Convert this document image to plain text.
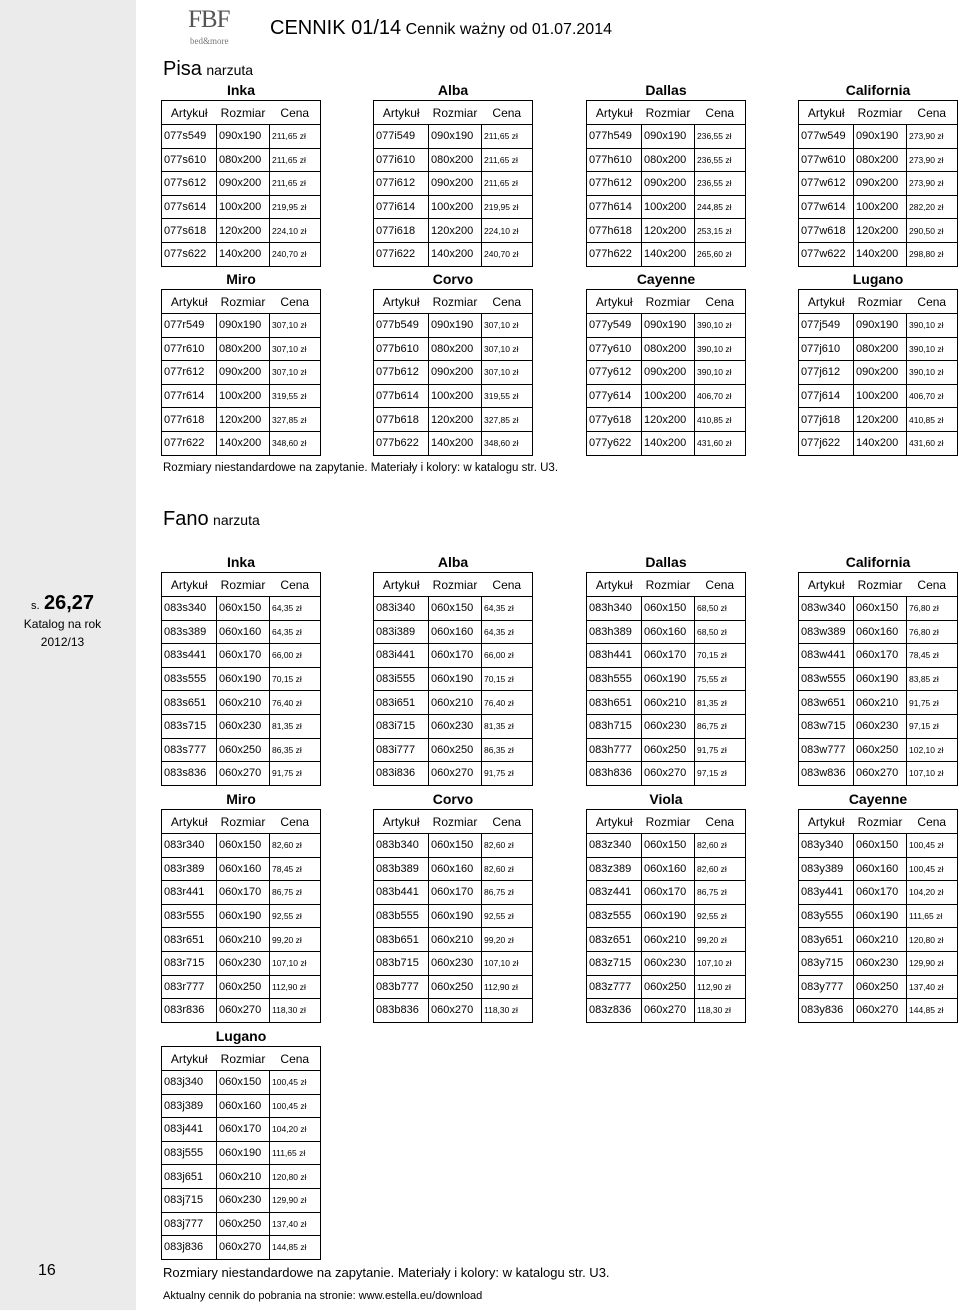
FBF
bed&more
CENNIK 01/14 Cennik ważny od 01.07.2014
Pisa narzuta
Inka
Artykuł	Rozmiar	Cena
077s549	090x190	211,65 zł
077s610	080x200	211,65 zł
077s612	090x200	211,65 zł
077s614	100x200	219,95 zł
077s618	120x200	224,10 zł
077s622	140x200	240,70 zł
Alba
Artykuł	Rozmiar	Cena
077i549	090x190	211,65 zł
077i610	080x200	211,65 zł
077i612	090x200	211,65 zł
077i614	100x200	219,95 zł
077i618	120x200	224,10 zł
077i622	140x200	240,70 zł
Dallas
Artykuł	Rozmiar	Cena
077h549	090x190	236,55 zł
077h610	080x200	236,55 zł
077h612	090x200	236,55 zł
077h614	100x200	244,85 zł
077h618	120x200	253,15 zł
077h622	140x200	265,60 zł
California
Artykuł	Rozmiar	Cena
077w549	090x190	273,90 zł
077w610	080x200	273,90 zł
077w612	090x200	273,90 zł
077w614	100x200	282,20 zł
077w618	120x200	290,50 zł
077w622	140x200	298,80 zł
Miro
Artykuł	Rozmiar	Cena
077r549	090x190	307,10 zł
077r610	080x200	307,10 zł
077r612	090x200	307,10 zł
077r614	100x200	319,55 zł
077r618	120x200	327,85 zł
077r622	140x200	348,60 zł
Corvo
Artykuł	Rozmiar	Cena
077b549	090x190	307,10 zł
077b610	080x200	307,10 zł
077b612	090x200	307,10 zł
077b614	100x200	319,55 zł
077b618	120x200	327,85 zł
077b622	140x200	348,60 zł
Cayenne
Artykuł	Rozmiar	Cena
077y549	090x190	390,10 zł
077y610	080x200	390,10 zł
077y612	090x200	390,10 zł
077y614	100x200	406,70 zł
077y618	120x200	410,85 zł
077y622	140x200	431,60 zł
Lugano
Artykuł	Rozmiar	Cena
077j549	090x190	390,10 zł
077j610	080x200	390,10 zł
077j612	090x200	390,10 zł
077j614	100x200	406,70 zł
077j618	120x200	410,85 zł
077j622	140x200	431,60 zł
Rozmiary niestandardowe na zapytanie. Materiały i kolory: w katalogu str. U3.
Fano narzuta
Inka
Artykuł	Rozmiar	Cena
083s340	060x150	64,35 zł
083s389	060x160	64,35 zł
083s441	060x170	66,00 zł
083s555	060x190	70,15 zł
083s651	060x210	76,40 zł
083s715	060x230	81,35 zł
083s777	060x250	86,35 zł
083s836	060x270	91,75 zł
Alba
Artykuł	Rozmiar	Cena
083i340	060x150	64,35 zł
083i389	060x160	64,35 zł
083i441	060x170	66,00 zł
083i555	060x190	70,15 zł
083i651	060x210	76,40 zł
083i715	060x230	81,35 zł
083i777	060x250	86,35 zł
083i836	060x270	91,75 zł
Dallas
Artykuł	Rozmiar	Cena
083h340	060x150	68,50 zł
083h389	060x160	68,50 zł
083h441	060x170	70,15 zł
083h555	060x190	75,55 zł
083h651	060x210	81,35 zł
083h715	060x230	86,75 zł
083h777	060x250	91,75 zł
083h836	060x270	97,15 zł
California
Artykuł	Rozmiar	Cena
083w340	060x150	76,80 zł
083w389	060x160	76,80 zł
083w441	060x170	78,45 zł
083w555	060x190	83,85 zł
083w651	060x210	91,75 zł
083w715	060x230	97,15 zł
083w777	060x250	102,10 zł
083w836	060x270	107,10 zł
Miro
Artykuł	Rozmiar	Cena
083r340	060x150	82,60 zł
083r389	060x160	78,45 zł
083r441	060x170	86,75 zł
083r555	060x190	92,55 zł
083r651	060x210	99,20 zł
083r715	060x230	107,10 zł
083r777	060x250	112,90 zł
083r836	060x270	118,30 zł
Corvo
Artykuł	Rozmiar	Cena
083b340	060x150	82,60 zł
083b389	060x160	82,60 zł
083b441	060x170	86,75 zł
083b555	060x190	92,55 zł
083b651	060x210	99,20 zł
083b715	060x230	107,10 zł
083b777	060x250	112,90 zł
083b836	060x270	118,30 zł
Viola
Artykuł	Rozmiar	Cena
083z340	060x150	82,60 zł
083z389	060x160	82,60 zł
083z441	060x170	86,75 zł
083z555	060x190	92,55 zł
083z651	060x210	99,20 zł
083z715	060x230	107,10 zł
083z777	060x250	112,90 zł
083z836	060x270	118,30 zł
Cayenne
Artykuł	Rozmiar	Cena
083y340	060x150	100,45 zł
083y389	060x160	100,45 zł
083y441	060x170	104,20 zł
083y555	060x190	111,65 zł
083y651	060x210	120,80 zł
083y715	060x230	129,90 zł
083y777	060x250	137,40 zł
083y836	060x270	144,85 zł
Lugano
Artykuł	Rozmiar	Cena
083j340	060x150	100,45 zł
083j389	060x160	100,45 zł
083j441	060x170	104,20 zł
083j555	060x190	111,65 zł
083j651	060x210	120,80 zł
083j715	060x230	129,90 zł
083j777	060x250	137,40 zł
083j836	060x270	144,85 zł
s. 26,27
Katalog na rok
2012/13
16	Rozmiary niestandardowe na zapytanie. Materiały i kolory: w katalogu str. U3.
Aktualny cennik do pobrania na stronie: www.estella.eu/download
